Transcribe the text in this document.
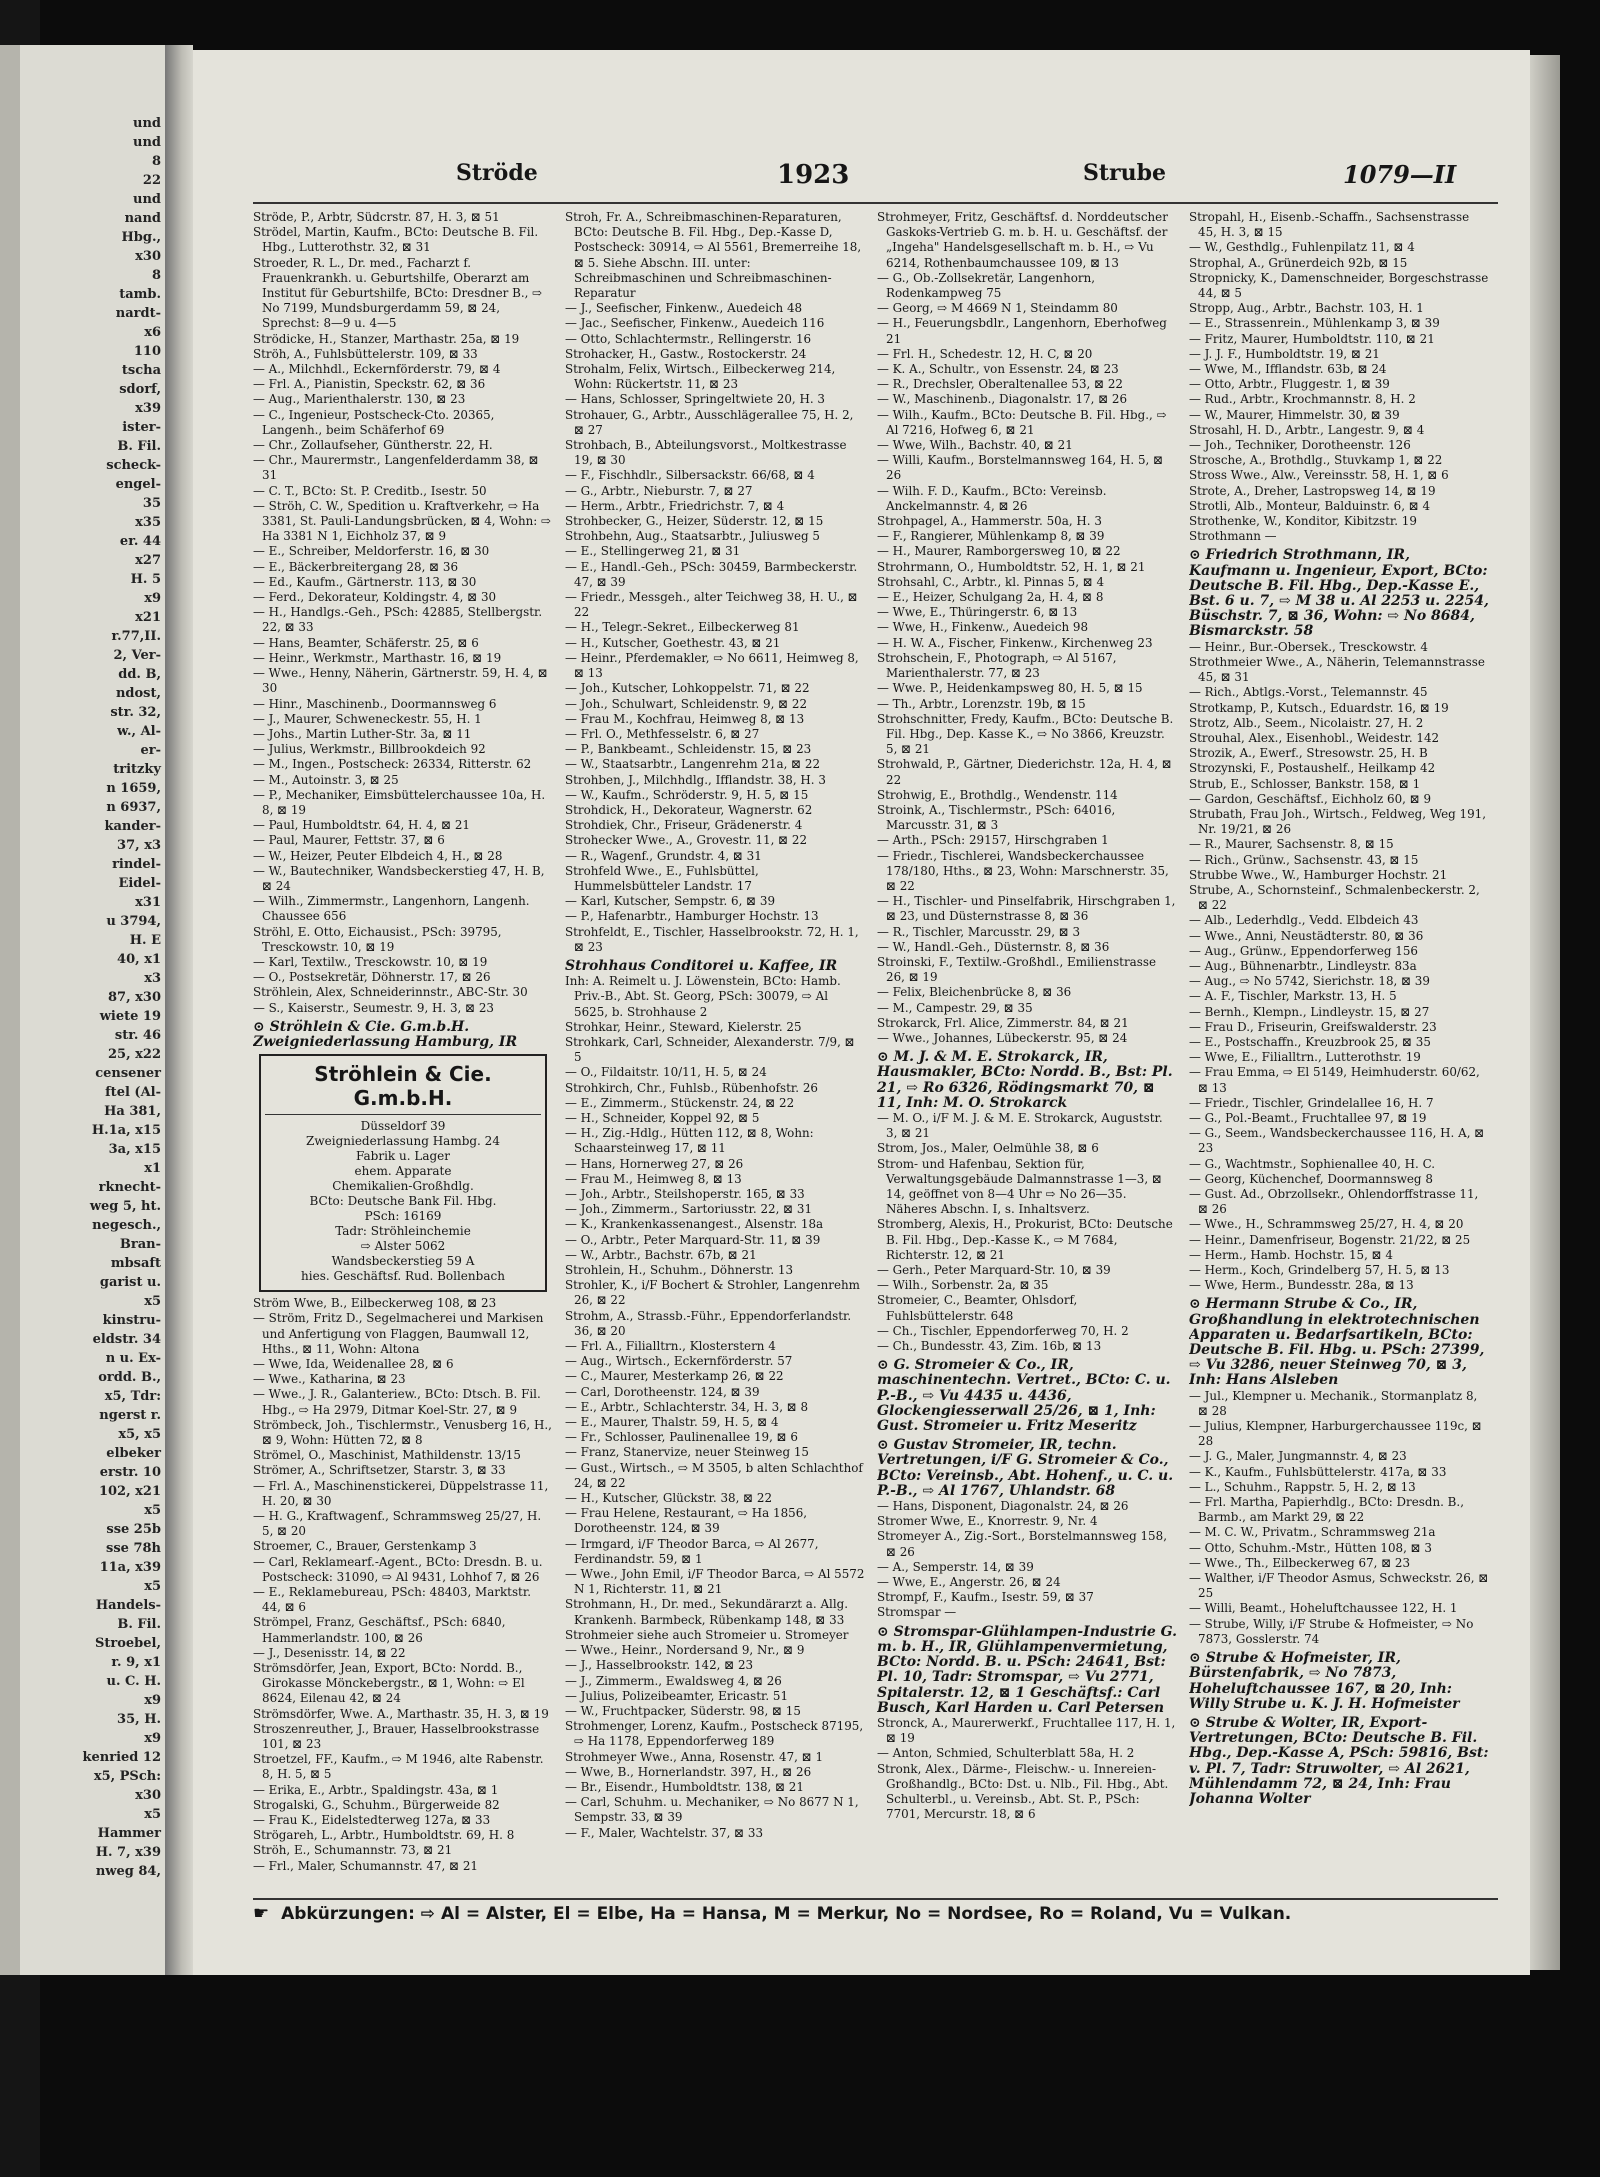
und
und
8
22
und
nand
Hbg.,
x30
8
tamb.
nardt-
x6
110
tscha
sdorf,
x39
ister-
B. Fil.
scheck-
engel-
35
x35
er. 44
x27
H. 5
x9
x21
r.77,II.
2, Ver-
dd. B,
ndost,
str. 32,
w., Al-
er-
tritzky
n 1659,
n 6937,
kander-
37, x3
rindel-
Eidel-
x31
u 3794,
H. E
40, x1
x3
87, x30
wiete 19
str. 46
25, x22
censener
ftel (Al-
Ha 381,
H.1a, x15
3a, x15
x1
rknecht-
weg 5, ht.
negesch.,
Bran-
mbsaft
garist u.
x5
kinstru-
eldstr. 34
n u. Ex-
ordd. B.,
x5, Tdr:
ngerst r.
x5, x5
elbeker
erstr. 10
102, x21
x5
sse 25b
sse 78h
11a, x39
x5
Handels-
B. Fil.
Stroebel,
r. 9, x1
u. C. H.
x9
35, H.
x9
kenried 12
x5, PSch:
x30
x5
Hammer
H. 7, x39
nweg 84,
Ströde	1923	Strube	1079—II
Ströde, P., Arbtr, Südcrstr. 87, H. 3, ⊠ 51
Strödel, Martin, Kaufm., BCto: Deutsche B. Fil. Hbg., Lutterothstr. 32, ⊠ 31
Stroeder, R. L., Dr. med., Facharzt f. Frauenkrankh. u. Geburtshilfe, Oberarzt am Institut für Geburtshilfe, BCto: Dresdner B., ⇨ No 7199, Mundsburgerdamm 59, ⊠ 24, Sprechst: 8—9 u. 4—5
Strödicke, H., Stanzer, Marthastr. 25a, ⊠ 19
Ströh, A., Fuhlsbüttelerstr. 109, ⊠ 33
— A., Milchhdl., Eckernförderstr. 79, ⊠ 4
— Frl. A., Pianistin, Speckstr. 62, ⊠ 36
— Aug., Marienthalerstr. 130, ⊠ 23
— C., Ingenieur, Postscheck-Cto. 20365, Langenh., beim Schäferhof 69
— Chr., Zollaufseher, Güntherstr. 22, H.
— Chr., Maurermstr., Langenfelderdamm 38, ⊠ 31
— C. T., BCto: St. P. Creditb., Isestr. 50
— Ströh, C. W., Spedition u. Kraftverkehr, ⇨ Ha 3381, St. Pauli-Landungsbrücken, ⊠ 4, Wohn: ⇨ Ha 3381 N 1, Eichholz 37, ⊠ 9
— E., Schreiber, Meldorferstr. 16, ⊠ 30
— E., Bäckerbreitergang 28, ⊠ 36
— Ed., Kaufm., Gärtnerstr. 113, ⊠ 30
— Ferd., Dekorateur, Koldingstr. 4, ⊠ 30
— H., Handlgs.-Geh., PSch: 42885, Stellbergstr. 22, ⊠ 33
— Hans, Beamter, Schäferstr. 25, ⊠ 6
— Heinr., Werkmstr., Marthastr. 16, ⊠ 19
— Wwe., Henny, Näherin, Gärtnerstr. 59, H. 4, ⊠ 30
— Hinr., Maschinenb., Doormannsweg 6
— J., Maurer, Schweneckestr. 55, H. 1
— Johs., Martin Luther-Str. 3a, ⊠ 11
— Julius, Werkmstr., Billbrookdeich 92
— M., Ingen., Postscheck: 26334, Ritterstr. 62
— M., Autoinstr. 3, ⊠ 25
— P., Mechaniker, Eimsbüttelerchaussee 10a, H. 8, ⊠ 19
— Paul, Humboldtstr. 64, H. 4, ⊠ 21
— Paul, Maurer, Fettstr. 37, ⊠ 6
— W., Heizer, Peuter Elbdeich 4, H., ⊠ 28
— W., Bautechniker, Wandsbeckerstieg 47, H. B, ⊠ 24
— Wilh., Zimmermstr., Langenhorn, Langenh. Chaussee 656
Ströhl, E. Otto, Eichausist., PSch: 39795, Tresckowstr. 10, ⊠ 19
— Karl, Textilw., Tresckowstr. 10, ⊠ 19
— O., Postsekretär, Döhnerstr. 17, ⊠ 26
Ströhlein, Alex, Schneiderinnstr., ABC-Str. 30
— S., Kaiserstr., Seumestr. 9, H. 3, ⊠ 23
⊙ Ströhlein & Cie. G.m.b.H. Zweigniederlassung Hamburg, IR
Ströhlein & Cie. G.m.b.H.
Düsseldorf 39
Zweigniederlassung Hambg. 24
Fabrik u. Lager
ehem. Apparate
Chemikalien-Großhdlg.
BCto: Deutsche Bank Fil. Hbg.
PSch: 16169
Tadr: Ströhleinchemie
⇨ Alster 5062
Wandsbeckerstieg 59 A
hies. Geschäftsf. Rud. Bollenbach
Ström Wwe, B., Eilbeckerweg 108, ⊠ 23
— Ström, Fritz D., Segelmacherei und Markisen und Anfertigung von Flaggen, Baumwall 12, Hths., ⊠ 11, Wohn: Altona
— Wwe, Ida, Weidenallee 28, ⊠ 6
— Wwe., Katharina, ⊠ 23
— Wwe., J. R., Galanteriew., BCto: Dtsch. B. Fil. Hbg., ⇨ Ha 2979, Ditmar Koel-Str. 27, ⊠ 9
Strömbeck, Joh., Tischlermstr., Venusberg 16, H., ⊠ 9, Wohn: Hütten 72, ⊠ 8
Strömel, O., Maschinist, Mathildenstr. 13/15
Strömer, A., Schriftsetzer, Starstr. 3, ⊠ 33
— Frl. A., Maschinenstickerei, Düppelstrasse 11, H. 20, ⊠ 30
— H. G., Kraftwagenf., Schrammsweg 25/27, H. 5, ⊠ 20
Stroemer, C., Brauer, Gerstenkamp 3
— Carl, Reklamearf.-Agent., BCto: Dresdn. B. u. Postscheck: 31090, ⇨ Al 9431, Lohhof 7, ⊠ 26
— E., Reklamebureau, PSch: 48403, Marktstr. 44, ⊠ 6
Strömpel, Franz, Geschäftsf., PSch: 6840, Hammerlandstr. 100, ⊠ 26
— J., Desenisstr. 14, ⊠ 22
Strömsdörfer, Jean, Export, BCto: Nordd. B., Girokasse Mönckebergstr., ⊠ 1, Wohn: ⇨ El 8624, Eilenau 42, ⊠ 24
Strömsdörfer, Wwe. A., Marthastr. 35, H. 3, ⊠ 19
Stroszenreuther, J., Brauer, Hasselbrookstrasse 101, ⊠ 23
Stroetzel, FF., Kaufm., ⇨ M 1946, alte Rabenstr. 8, H. 5, ⊠ 5
— Erika, E., Arbtr., Spaldingstr. 43a, ⊠ 1
Strogalski, G., Schuhm., Bürgerweide 82
— Frau K., Eidelstedterweg 127a, ⊠ 33
Strögareh, L., Arbtr., Humboldtstr. 69, H. 8
Ströh, E., Schumannstr. 73, ⊠ 21
— Frl., Maler, Schumannstr. 47, ⊠ 21
Stroh, Fr. A., Schreibmaschinen-Reparaturen, BCto: Deutsche B. Fil. Hbg., Dep.-Kasse D, Postscheck: 30914, ⇨ Al 5561, Bremerreihe 18, ⊠ 5. Siehe Abschn. III. unter: Schreibmaschinen und Schreibmaschinen-Reparatur
— J., Seefischer, Finkenw., Auedeich 48
— Jac., Seefischer, Finkenw., Auedeich 116
— Otto, Schlachtermstr., Rellingerstr. 16
Strohacker, H., Gastw., Rostockerstr. 24
Strohalm, Felix, Wirtsch., Eilbeckerweg 214, Wohn: Rückertstr. 11, ⊠ 23
— Hans, Schlosser, Springeltwiete 20, H. 3
Strohauer, G., Arbtr., Ausschlägerallee 75, H. 2, ⊠ 27
Strohbach, B., Abteilungsvorst., Moltkestrasse 19, ⊠ 30
— F., Fischhdlr., Silbersackstr. 66/68, ⊠ 4
— G., Arbtr., Nieburstr. 7, ⊠ 27
— Herm., Arbtr., Friedrichstr. 7, ⊠ 4
Strohbecker, G., Heizer, Süderstr. 12, ⊠ 15
Strohbehn, Aug., Staatsarbtr., Juliusweg 5
— E., Stellingerweg 21, ⊠ 31
— E., Handl.-Geh., PSch: 30459, Barmbeckerstr. 47, ⊠ 39
— Friedr., Messgeh., alter Teichweg 38, H. U., ⊠ 22
— H., Telegr.-Sekret., Eilbeckerweg 81
— H., Kutscher, Goethestr. 43, ⊠ 21
— Heinr., Pferdemakler, ⇨ No 6611, Heimweg 8, ⊠ 13
— Joh., Kutscher, Lohkoppelstr. 71, ⊠ 22
— Joh., Schulwart, Schleidenstr. 9, ⊠ 22
— Frau M., Kochfrau, Heimweg 8, ⊠ 13
— Frl. O., Methfesselstr. 6, ⊠ 27
— P., Bankbeamt., Schleidenstr. 15, ⊠ 23
— W., Staatsarbtr., Langenrehm 21a, ⊠ 22
Strohben, J., Milchhdlg., Ifflandstr. 38, H. 3
— W., Kaufm., Schröderstr. 9, H. 5, ⊠ 15
Strohdick, H., Dekorateur, Wagnerstr. 62
Strohdiek, Chr., Friseur, Grädenerstr. 4
Strohecker Wwe., A., Grovestr. 11, ⊠ 22
— R., Wagenf., Grundstr. 4, ⊠ 31
Strohfeld Wwe., E., Fuhlsbüttel, Hummelsbütteler Landstr. 17
— Karl, Kutscher, Sempstr. 6, ⊠ 39
— P., Hafenarbtr., Hamburger Hochstr. 13
Strohfeldt, E., Tischler, Hasselbrookstr. 72, H. 1, ⊠ 23
Strohhaus Conditorei u. Kaffee, IR
Inh: A. Reimelt u. J. Löwenstein, BCto: Hamb. Priv.-B., Abt. St. Georg, PSch: 30079, ⇨ Al 5625, b. Strohhause 2
Strohkar, Heinr., Steward, Kielerstr. 25
Strohkark, Carl, Schneider, Alexanderstr. 7/9, ⊠ 5
— O., Fildaitstr. 10/11, H. 5, ⊠ 24
Strohkirch, Chr., Fuhlsb., Rübenhofstr. 26
— E., Zimmerm., Stückenstr. 24, ⊠ 22
— H., Schneider, Koppel 92, ⊠ 5
— H., Zig.-Hdlg., Hütten 112, ⊠ 8, Wohn: Schaarsteinweg 17, ⊠ 11
— Hans, Hornerweg 27, ⊠ 26
— Frau M., Heimweg 8, ⊠ 13
— Joh., Arbtr., Steilshoperstr. 165, ⊠ 33
— Joh., Zimmerm., Sartoriusstr. 22, ⊠ 31
— K., Krankenkassenangest., Alsenstr. 18a
— O., Arbtr., Peter Marquard-Str. 11, ⊠ 39
— W., Arbtr., Bachstr. 67b, ⊠ 21
Strohlein, H., Schuhm., Döhnerstr. 13
Strohler, K., i/F Bochert & Strohler, Langenrehm 26, ⊠ 22
Strohm, A., Strassb.-Führ., Eppendorferlandstr. 36, ⊠ 20
— Frl. A., Filialltrn., Klosterstern 4
— Aug., Wirtsch., Eckernförderstr. 57
— C., Maurer, Mesterkamp 26, ⊠ 22
— Carl, Dorotheenstr. 124, ⊠ 39
— E., Arbtr., Schlachterstr. 34, H. 3, ⊠ 8
— E., Maurer, Thalstr. 59, H. 5, ⊠ 4
— Fr., Schlosser, Paulinenallee 19, ⊠ 6
— Franz, Stanervize, neuer Steinweg 15
— Gust., Wirtsch., ⇨ M 3505, b alten Schlachthof 24, ⊠ 22
— H., Kutscher, Glückstr. 38, ⊠ 22
— Frau Helene, Restaurant, ⇨ Ha 1856, Dorotheenstr. 124, ⊠ 39
— Irmgard, i/F Theodor Barca, ⇨ Al 2677, Ferdinandstr. 59, ⊠ 1
— Wwe., John Emil, i/F Theodor Barca, ⇨ Al 5572 N 1, Richterstr. 11, ⊠ 21
Strohmann, H., Dr. med., Sekundärarzt a. Allg. Krankenh. Barmbeck, Rübenkamp 148, ⊠ 33
Strohmeier siehe auch Stromeier u. Stromeyer
— Wwe., Heinr., Nordersand 9, Nr., ⊠ 9
— J., Hasselbrookstr. 142, ⊠ 23
— J., Zimmerm., Ewaldsweg 4, ⊠ 26
— Julius, Polizeibeamter, Ericastr. 51
— W., Fruchtpacker, Süderstr. 98, ⊠ 15
Strohmenger, Lorenz, Kaufm., Postscheck 87195, ⇨ Ha 1178, Eppendorferweg 189
Strohmeyer Wwe., Anna, Rosenstr. 47, ⊠ 1
— Wwe, B., Hornerlandstr. 397, H., ⊠ 26
— Br., Eisendr., Humboldtstr. 138, ⊠ 21
— Carl, Schuhm. u. Mechaniker, ⇨ No 8677 N 1, Sempstr. 33, ⊠ 39
— F., Maler, Wachtelstr. 37, ⊠ 33
Strohmeyer, Fritz, Geschäftsf. d. Norddeutscher Gaskoks-Vertrieb G. m. b. H. u. Geschäftsf. der „Ingeha" Handelsgesellschaft m. b. H., ⇨ Vu 6214, Rothenbaumchaussee 109, ⊠ 13
— G., Ob.-Zollsekretär, Langenhorn, Rodenkampweg 75
— Georg, ⇨ M 4669 N 1, Steindamm 80
— H., Feuerungsbdlr., Langenhorn, Eberhofweg 21
— Frl. H., Schedestr. 12, H. C, ⊠ 20
— K. A., Schultr., von Essenstr. 24, ⊠ 23
— R., Drechsler, Oberaltenallee 53, ⊠ 22
— W., Maschinenb., Diagonalstr. 17, ⊠ 26
— Wilh., Kaufm., BCto: Deutsche B. Fil. Hbg., ⇨ Al 7216, Hofweg 6, ⊠ 21
— Wwe, Wilh., Bachstr. 40, ⊠ 21
— Willi, Kaufm., Borstelmannsweg 164, H. 5, ⊠ 26
— Wilh. F. D., Kaufm., BCto: Vereinsb. Anckelmannstr. 4, ⊠ 26
Strohpagel, A., Hammerstr. 50a, H. 3
— F., Rangierer, Mühlenkamp 8, ⊠ 39
— H., Maurer, Ramborgersweg 10, ⊠ 22
Strohrmann, O., Humboldtstr. 52, H. 1, ⊠ 21
Strohsahl, C., Arbtr., kl. Pinnas 5, ⊠ 4
— E., Heizer, Schulgang 2a, H. 4, ⊠ 8
— Wwe, E., Thüringerstr. 6, ⊠ 13
— Wwe, H., Finkenw., Auedeich 98
— H. W. A., Fischer, Finkenw., Kirchenweg 23
Strohschein, F., Photograph, ⇨ Al 5167, Marienthalerstr. 77, ⊠ 23
— Wwe. P., Heidenkampsweg 80, H. 5, ⊠ 15
— Th., Arbtr., Lorenzstr. 19b, ⊠ 15
Strohschnitter, Fredy, Kaufm., BCto: Deutsche B. Fil. Hbg., Dep. Kasse K., ⇨ No 3866, Kreuzstr. 5, ⊠ 21
Strohwald, P., Gärtner, Diederichstr. 12a, H. 4, ⊠ 22
Strohwig, E., Brothdlg., Wendenstr. 114
Stroink, A., Tischlermstr., PSch: 64016, Marcusstr. 31, ⊠ 3
— Arth., PSch: 29157, Hirschgraben 1
— Friedr., Tischlerei, Wandsbeckerchaussee 178/180, Hths., ⊠ 23, Wohn: Marschnerstr. 35, ⊠ 22
— H., Tischler- und Pinselfabrik, Hirschgraben 1, ⊠ 23, und Düsternstrasse 8, ⊠ 36
— R., Tischler, Marcusstr. 29, ⊠ 3
— W., Handl.-Geh., Düsternstr. 8, ⊠ 36
Stroinski, F., Textilw.-Großhdl., Emilienstrasse 26, ⊠ 19
— Felix, Bleichenbrücke 8, ⊠ 36
— M., Campestr. 29, ⊠ 35
Strokarck, Frl. Alice, Zimmerstr. 84, ⊠ 21
— Wwe., Johannes, Lübeckerstr. 95, ⊠ 24
⊙ M. J. & M. E. Strokarck, IR, Hausmakler, BCto: Nordd. B., Bst: Pl. 21, ⇨ Ro 6326, Rödingsmarkt 70, ⊠ 11, Inh: M. O. Strokarck
— M. O., i/F M. J. & M. E. Strokarck, Auguststr. 3, ⊠ 21
Strom, Jos., Maler, Oelmühle 38, ⊠ 6
Strom- und Hafenbau, Sektion für, Verwaltungsgebäude Dalmannstrasse 1—3, ⊠ 14, geöffnet von 8—4 Uhr ⇨ No 26—35. Näheres Abschn. I, s. Inhaltsverz.
Stromberg, Alexis, H., Prokurist, BCto: Deutsche B. Fil. Hbg., Dep.-Kasse K., ⇨ M 7684, Richterstr. 12, ⊠ 21
— Gerh., Peter Marquard-Str. 10, ⊠ 39
— Wilh., Sorbenstr. 2a, ⊠ 35
Stromeier, C., Beamter, Ohlsdorf, Fuhlsbüttelerstr. 648
— Ch., Tischler, Eppendorferweg 70, H. 2
— Ch., Bundesstr. 43, Zim. 16b, ⊠ 13
⊙ G. Stromeier & Co., IR, maschinentechn. Vertret., BCto: C. u. P.-B., ⇨ Vu 4435 u. 4436, Glockengiesserwall 25/26, ⊠ 1, Inh: Gust. Stromeier u. Fritz Meseritz
⊙ Gustav Stromeier, IR, techn. Vertretungen, i/F G. Stromeier & Co., BCto: Vereinsb., Abt. Hohenf., u. C. u. P.-B., ⇨ Al 1767, Uhlandstr. 68
— Hans, Disponent, Diagonalstr. 24, ⊠ 26
Stromer Wwe, E., Knorrestr. 9, Nr. 4
Stromeyer A., Zig.-Sort., Borstelmannsweg 158, ⊠ 26
— A., Semperstr. 14, ⊠ 39
— Wwe, E., Angerstr. 26, ⊠ 24
Strompf, F., Kaufm., Isestr. 59, ⊠ 37
Stromspar —
⊙ Stromspar-Glühlampen-Industrie G. m. b. H., IR, Glühlampenvermietung, BCto: Nordd. B. u. PSch: 24641, Bst: Pl. 10, Tadr: Stromspar, ⇨ Vu 2771, Spitalerstr. 12, ⊠ 1 Geschäftsf.: Carl Busch, Karl Harden u. Carl Petersen
Stronck, A., Maurerwerkf., Fruchtallee 117, H. 1, ⊠ 19
— Anton, Schmied, Schulterblatt 58a, H. 2
Stronk, Alex., Därme-, Fleischw.- u. Innereien-Großhandlg., BCto: Dst. u. Nlb., Fil. Hbg., Abt. Schulterbl., u. Vereinsb., Abt. St. P., PSch: 7701, Mercurstr. 18, ⊠ 6
Stropahl, H., Eisenb.-Schaffn., Sachsenstrasse 45, H. 3, ⊠ 15
— W., Gesthdlg., Fuhlenpilatz 11, ⊠ 4
Strophal, A., Grünerdeich 92b, ⊠ 15
Stropnicky, K., Damenschneider, Borgeschstrasse 44, ⊠ 5
Stropp, Aug., Arbtr., Bachstr. 103, H. 1
— E., Strassenrein., Mühlenkamp 3, ⊠ 39
— Fritz, Maurer, Humboldtstr. 110, ⊠ 21
— J. J. F., Humboldtstr. 19, ⊠ 21
— Wwe, M., Ifflandstr. 63b, ⊠ 24
— Otto, Arbtr., Fluggestr. 1, ⊠ 39
— Rud., Arbtr., Krochmannstr. 8, H. 2
— W., Maurer, Himmelstr. 30, ⊠ 39
Strosahl, H. D., Arbtr., Langestr. 9, ⊠ 4
— Joh., Techniker, Dorotheenstr. 126
Strosche, A., Brothdlg., Stuvkamp 1, ⊠ 22
Stross Wwe., Alw., Vereinsstr. 58, H. 1, ⊠ 6
Strote, A., Dreher, Lastropsweg 14, ⊠ 19
Strotli, Alb., Monteur, Balduinstr. 6, ⊠ 4
Strothenke, W., Konditor, Kibitzstr. 19
Strothmann —
⊙ Friedrich Strothmann, IR, Kaufmann u. Ingenieur, Export, BCto: Deutsche B. Fil. Hbg., Dep.-Kasse E., Bst. 6 u. 7, ⇨ M 38 u. Al 2253 u. 2254, Büschstr. 7, ⊠ 36, Wohn: ⇨ No 8684, Bismarckstr. 58
— Heinr., Bur.-Obersek., Tresckowstr. 4
Strothmeier Wwe., A., Näherin, Telemannstrasse 45, ⊠ 31
— Rich., Abtlgs.-Vorst., Telemannstr. 45
Strotkamp, P., Kutsch., Eduardstr. 16, ⊠ 19
Strotz, Alb., Seem., Nicolaistr. 27, H. 2
Strouhal, Alex., Eisenhobl., Weidestr. 142
Strozik, A., Ewerf., Stresowstr. 25, H. B
Strozynski, F., Postaushelf., Heilkamp 42
Strub, E., Schlosser, Bankstr. 158, ⊠ 1
— Gardon, Geschäftsf., Eichholz 60, ⊠ 9
Strubath, Frau Joh., Wirtsch., Feldweg, Weg 191, Nr. 19/21, ⊠ 26
— R., Maurer, Sachsenstr. 8, ⊠ 15
— Rich., Grünw., Sachsenstr. 43, ⊠ 15
Strubbe Wwe., W., Hamburger Hochstr. 21
Strube, A., Schornsteinf., Schmalenbeckerstr. 2, ⊠ 22
— Alb., Lederhdlg., Vedd. Elbdeich 43
— Wwe., Anni, Neustädterstr. 80, ⊠ 36
— Aug., Grünw., Eppendorferweg 156
— Aug., Bühnenarbtr., Lindleystr. 83a
— Aug., ⇨ No 5742, Sierichstr. 18, ⊠ 39
— A. F., Tischler, Markstr. 13, H. 5
— Bernh., Klempn., Lindleystr. 15, ⊠ 27
— Frau D., Friseurin, Greifswalderstr. 23
— E., Postschaffn., Kreuzbrook 25, ⊠ 35
— Wwe, E., Filialltrn., Lutterothstr. 19
— Frau Emma, ⇨ El 5149, Heimhuderstr. 60/62, ⊠ 13
— Friedr., Tischler, Grindelallee 16, H. 7
— G., Pol.-Beamt., Fruchtallee 97, ⊠ 19
— G., Seem., Wandsbeckerchaussee 116, H. A, ⊠ 23
— G., Wachtmstr., Sophienallee 40, H. C.
— Georg, Küchenchef, Doormannsweg 8
— Gust. Ad., Obrzollsekr., Ohlendorffstrasse 11, ⊠ 26
— Wwe., H., Schrammsweg 25/27, H. 4, ⊠ 20
— Heinr., Damenfriseur, Bogenstr. 21/22, ⊠ 25
— Herm., Hamb. Hochstr. 15, ⊠ 4
— Herm., Koch, Grindelberg 57, H. 5, ⊠ 13
— Wwe, Herm., Bundesstr. 28a, ⊠ 13
⊙ Hermann Strube & Co., IR, Großhandlung in elektrotechnischen Apparaten u. Bedarfsartikeln, BCto: Deutsche B. Fil. Hbg. u. PSch: 27399, ⇨ Vu 3286, neuer Steinweg 70, ⊠ 3, Inh: Hans Alsleben
— Jul., Klempner u. Mechanik., Stormanplatz 8, ⊠ 28
— Julius, Klempner, Harburgerchaussee 119c, ⊠ 28
— J. G., Maler, Jungmannstr. 4, ⊠ 23
— K., Kaufm., Fuhlsbüttelerstr. 417a, ⊠ 33
— L., Schuhm., Rappstr. 5, H. 2, ⊠ 13
— Frl. Martha, Papierhdlg., BCto: Dresdn. B., Barmb., am Markt 29, ⊠ 22
— M. C. W., Privatm., Schrammsweg 21a
— Otto, Schuhm.-Mstr., Hütten 108, ⊠ 3
— Wwe., Th., Eilbeckerweg 67, ⊠ 23
— Walther, i/F Theodor Asmus, Schweckstr. 26, ⊠ 25
— Willi, Beamt., Hoheluftchaussee 122, H. 1
— Strube, Willy, i/F Strube & Hofmeister, ⇨ No 7873, Gosslerstr. 74
⊙ Strube & Hofmeister, IR, Bürstenfabrik, ⇨ No 7873, Hoheluftchaussee 167, ⊠ 20, Inh: Willy Strube u. K. J. H. Hofmeister
⊙ Strube & Wolter, IR, Export-Vertretungen, BCto: Deutsche B. Fil. Hbg., Dep.-Kasse A, PSch: 59816, Bst: v. Pl. 7, Tadr: Struwolter, ⇨ Al 2621, Mühlendamm 72, ⊠ 24, Inh: Frau Johanna Wolter
☛ Abkürzungen: ⇨ Al = Alster, El = Elbe, Ha = Hansa, M = Merkur, No = Nordsee, Ro = Roland, Vu = Vulkan.
